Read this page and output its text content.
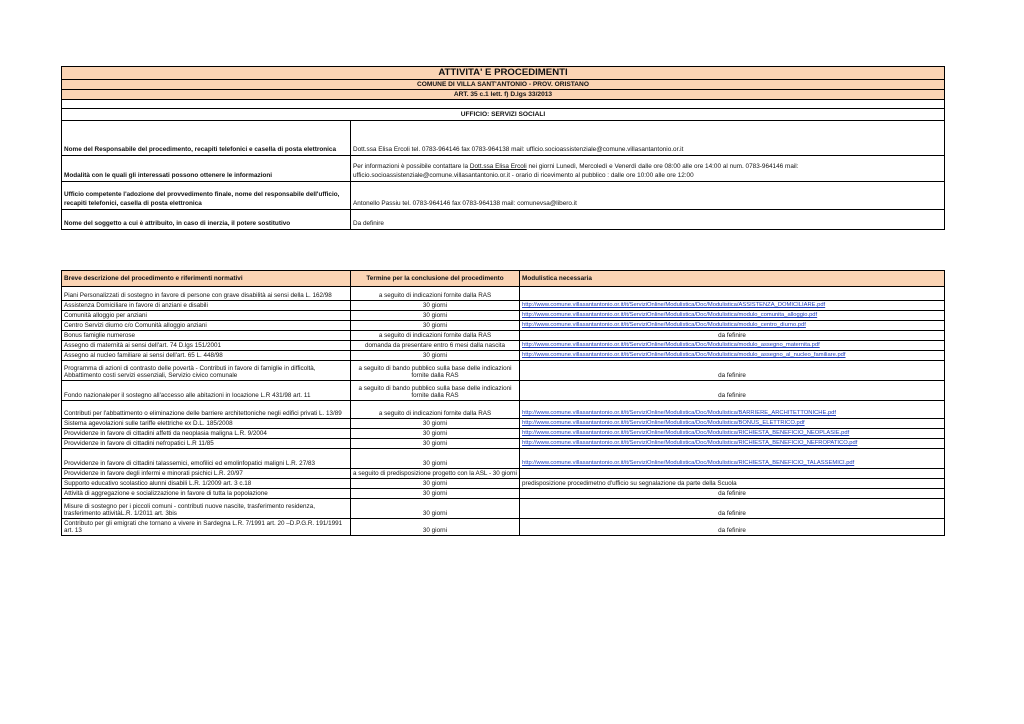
ATTIVITA' E PROCEDIMENTI	
COMUNE DI VILLA SANT'ANTONIO - PROV. ORISTANO	
ART. 35 c.1 lett. f) D.lgs 33/2013	

UFFICIO: SERVIZI SOCIALI	
Nome del Responsabile del procedimento, recapiti telefonici e casella di posta elettronica	Dott.ssa Elisa Ercoli tel. 0783-964146 fax 0783-964138 mail: ufficio.socioassistenziale@comune.villasantantonio.or.it
Modalità con le quali gli interessati possono ottenere le informazioni	Per informazioni è possibile contattare la Dott.ssa Elisa Ercoli nei giorni Lunedì, Mercoledì e Venerdì dalle ore 08:00 alle ore 14:00 al num. 0783-964146 mail:
ufficio.socioassistenziale@comune.villasantantonio.or.it - orario di ricevimento al pubblico : dalle ore 10:00 alle ore 12:00
Ufficio competente l'adozione del provvedimento finale, nome del responsabile dell'ufficio,
recapiti telefonici, casella di posta elettronica	Antonello Passiu tel. 0783-964146 fax 0783-964138 mail: comunevsa@libero.it
Nome del soggetto a cui è attribuito, in caso di inerzia, il potere sostitutivo	Da definire
Breve descrizione del procedimento e riferimenti normativi	Termine per la conclusione del procedimento	Modulistica necessaria
Piani Personalizzati di sostegno in favore di persone con grave disabilità ai sensi della L. 162/98	a seguito di indicazioni fornite dalla RAS	
Assistenza Domiciliare in favore di anziani e disabili	30 giorni	http://www.comune.villasantantonio.or.it/it/ServiziOnline/Modulistica/Doc/Modulistica/ASSISTENZA_DOMICILIARE.pdf
Comunità alloggio per anziani	30 giorni	http://www.comune.villasantantonio.or.it/it/ServiziOnline/Modulistica/Doc/Modulistica/modulo_comunita_alloggio.pdf
Centro Servizi diurno c/o Comunità alloggio anziani	30 giorni	http://www.comune.villasantantonio.or.it/it/ServiziOnline/Modulistica/Doc/Modulistica/modulo_centro_diurno.pdf
Bonus famiglie numerose	a seguito di indicazioni fornite dalla RAS	da fefinire
Assegno di maternità ai sensi dell'art. 74 D.lgs 151/2001	domanda da presentare entro 6 mesi dalla nascita	http://www.comune.villasantantonio.or.it/it/ServiziOnline/Modulistica/Doc/Modulistica/modulo_assegno_maternita.pdf
Assegno al nucleo familiare ai sensi dell'art. 65 L. 448/98	30 giorni	http://www.comune.villasantantonio.or.it/it/ServiziOnline/Modulistica/Doc/Modulistica/modulo_assegno_al_nucleo_familiare.pdf
Programma di azioni di contrasto delle povertà - Contributi in favore di famiglie in difficoltà, Abbattimento costi servizi essenziali, Servizio civico comunale	a seguito di bando pubblico sulla base delle indicazioni fornite dalla RAS	da fefinire
Fondo nazionaleper il sostegno all'accesso alle abitazioni in locazione L.R 431/98 art. 11	a seguito di bando pubblico sulla base delle indicazioni fornite dalla RAS	da fefinire
Contributi per l'abbattimento o eliminazione delle barriere architettoniche negli edifici privati L. 13/89	a seguito di indicazioni fornite dalla RAS	http://www.comune.villasantantonio.or.it/it/ServiziOnline/Modulistica/Doc/Modulistica/BARRIERE_ARCHITETTONICHE.pdf
Sistema agevolazioni sulle tariffe elettriche ex D.L. 185/2008	30 giorni	http://www.comune.villasantantonio.or.it/it/ServiziOnline/Modulistica/Doc/Modulistica/BONUS_ELETTRICO.pdf
Provvidenze in favore di cittadini affetti da neoplasia maligna L.R. 9/2004	30 giorni	http://www.comune.villasantantonio.or.it/it/ServiziOnline/Modulistica/Doc/Modulistica/RICHIESTA_BENEFICIO_NEOPLASIE.pdf
Provvidenze in favore di cittadini nefropatici L.R 11/85	30 giorni	http://www.comune.villasantantonio.or.it/it/ServiziOnline/Modulistica/Doc/Modulistica/RICHIESTA_BENEFICIO_NEFROPATICO.pdf
Provvidenze in favore di cittadini talassemici, emofilici ed emolinfopatici maligni L.R. 27/83	30 giorni	http://www.comune.villasantantonio.or.it/it/ServiziOnline/Modulistica/Doc/Modulistica/RICHIESTA_BENEFICIO_TALASSEMICI.pdf
Provvidenze in favore degli infermi e minorati psichici L.R. 20/97	a seguito di predisposizione progetto con la ASL - 30 giorni	
Supporto educativo scolastico alunni disabili L.R. 1/2009 art. 3 c.18	30 giorni	predisposizione procedimetno d'ufficio su segnalazione da parte della Scuola
Attività di aggregazione e socializzazione in favore di tutta la popolazione	30 giorni	da fefinire
Misure di sostegno per i piccoli comuni - contributi nuove nascite, trasferimento residenza, trasferimento attivitàL.R. 1/2011 art. 3bis	30 giorni	da fefinire
Contributo per gli emigrati che tornano a vivere in Sardegna L.R. 7/1991 art. 20 –D.P.G.R. 191/1991 art. 13	30 giorni	da fefinire
